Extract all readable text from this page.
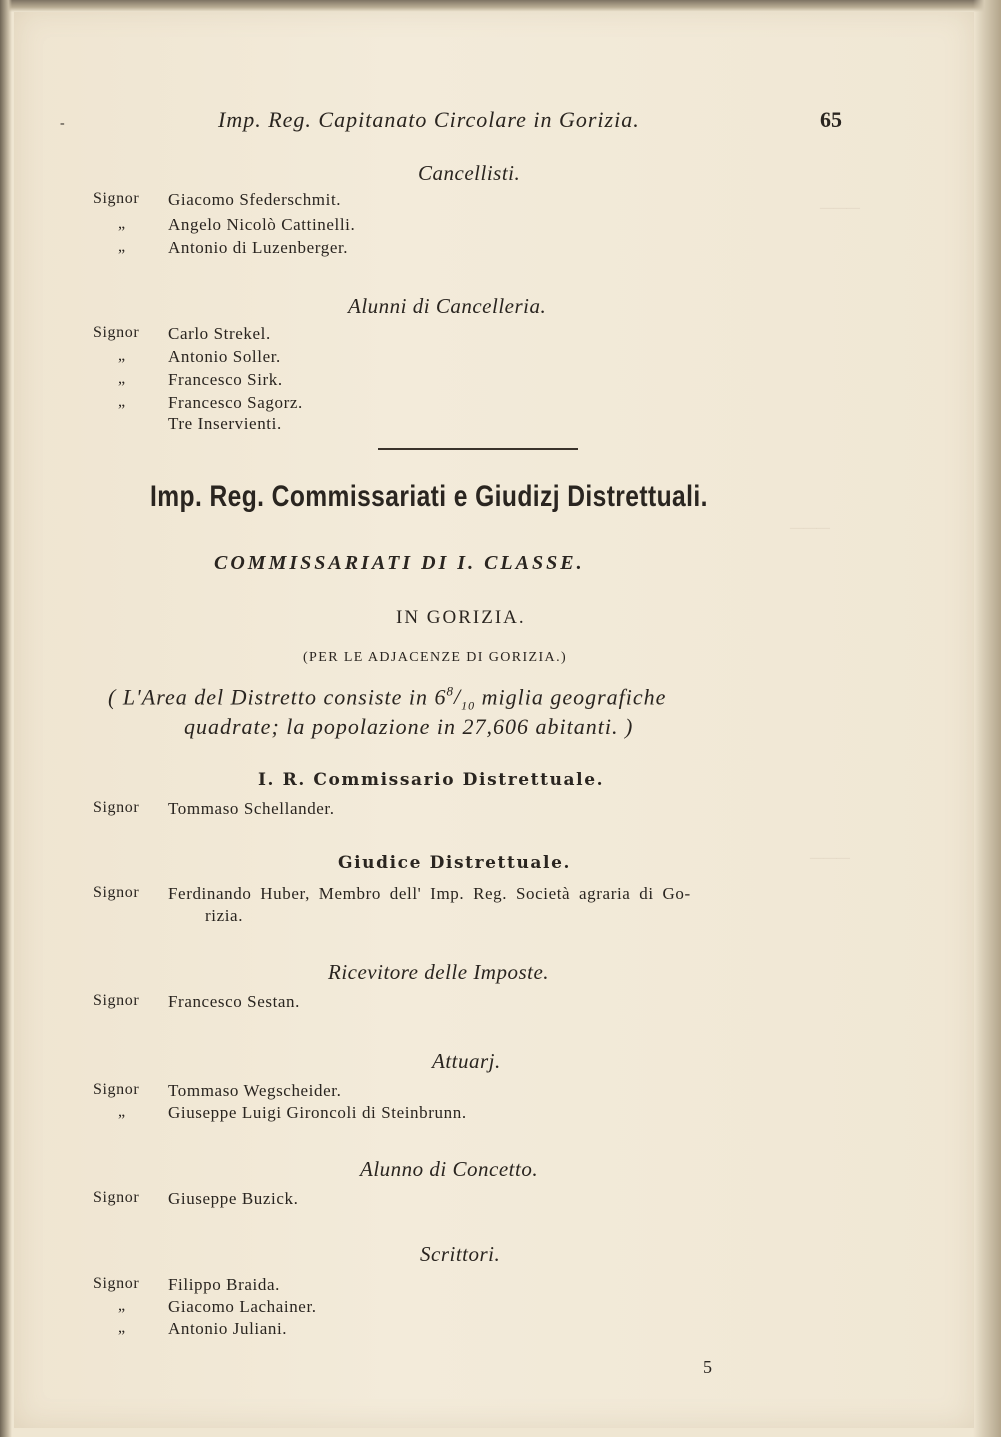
———
———
———
-	Imp. Reg. Capitanato Circolare in Gorizia.	65
Cancellisti.
Signor Giacomo Sfederschmit.
„ Angelo Nicolò Cattinelli.
„ Antonio di Luzenberger.
Alunni di Cancelleria.
Signor Carlo Strekel.
„ Antonio Soller.
„ Francesco Sirk.
„ Francesco Sagorz.
Tre Inservienti.
Imp. Reg. Commissariati e Giudizj Distrettuali.
COMMISSARIATI DI I. CLASSE.
IN GORIZIA.
(PER LE ADJACENZE DI GORIZIA.)
( L'Area del Distretto consiste in $6^8/_{10}$ miglia geografiche
quadrate; la popolazione in 27,606 abitanti. )
I. R. Commissario Distrettuale.
Signor Tommaso Schellander.
Giudice Distrettuale.
Signor Ferdinando Huber, Membro dell' Imp. Reg. Società agraria di Go-
rizia.
Ricevitore delle Imposte.
Signor Francesco Sestan.
Attuarj.
Signor Tommaso Wegscheider.
„ Giuseppe Luigi Gironcoli di Steinbrunn.
Alunno di Concetto.
Signor Giuseppe Buzick.
Scrittori.
Signor Filippo Braida.
„ Giacomo Lachainer.
„ Antonio Juliani.
5
